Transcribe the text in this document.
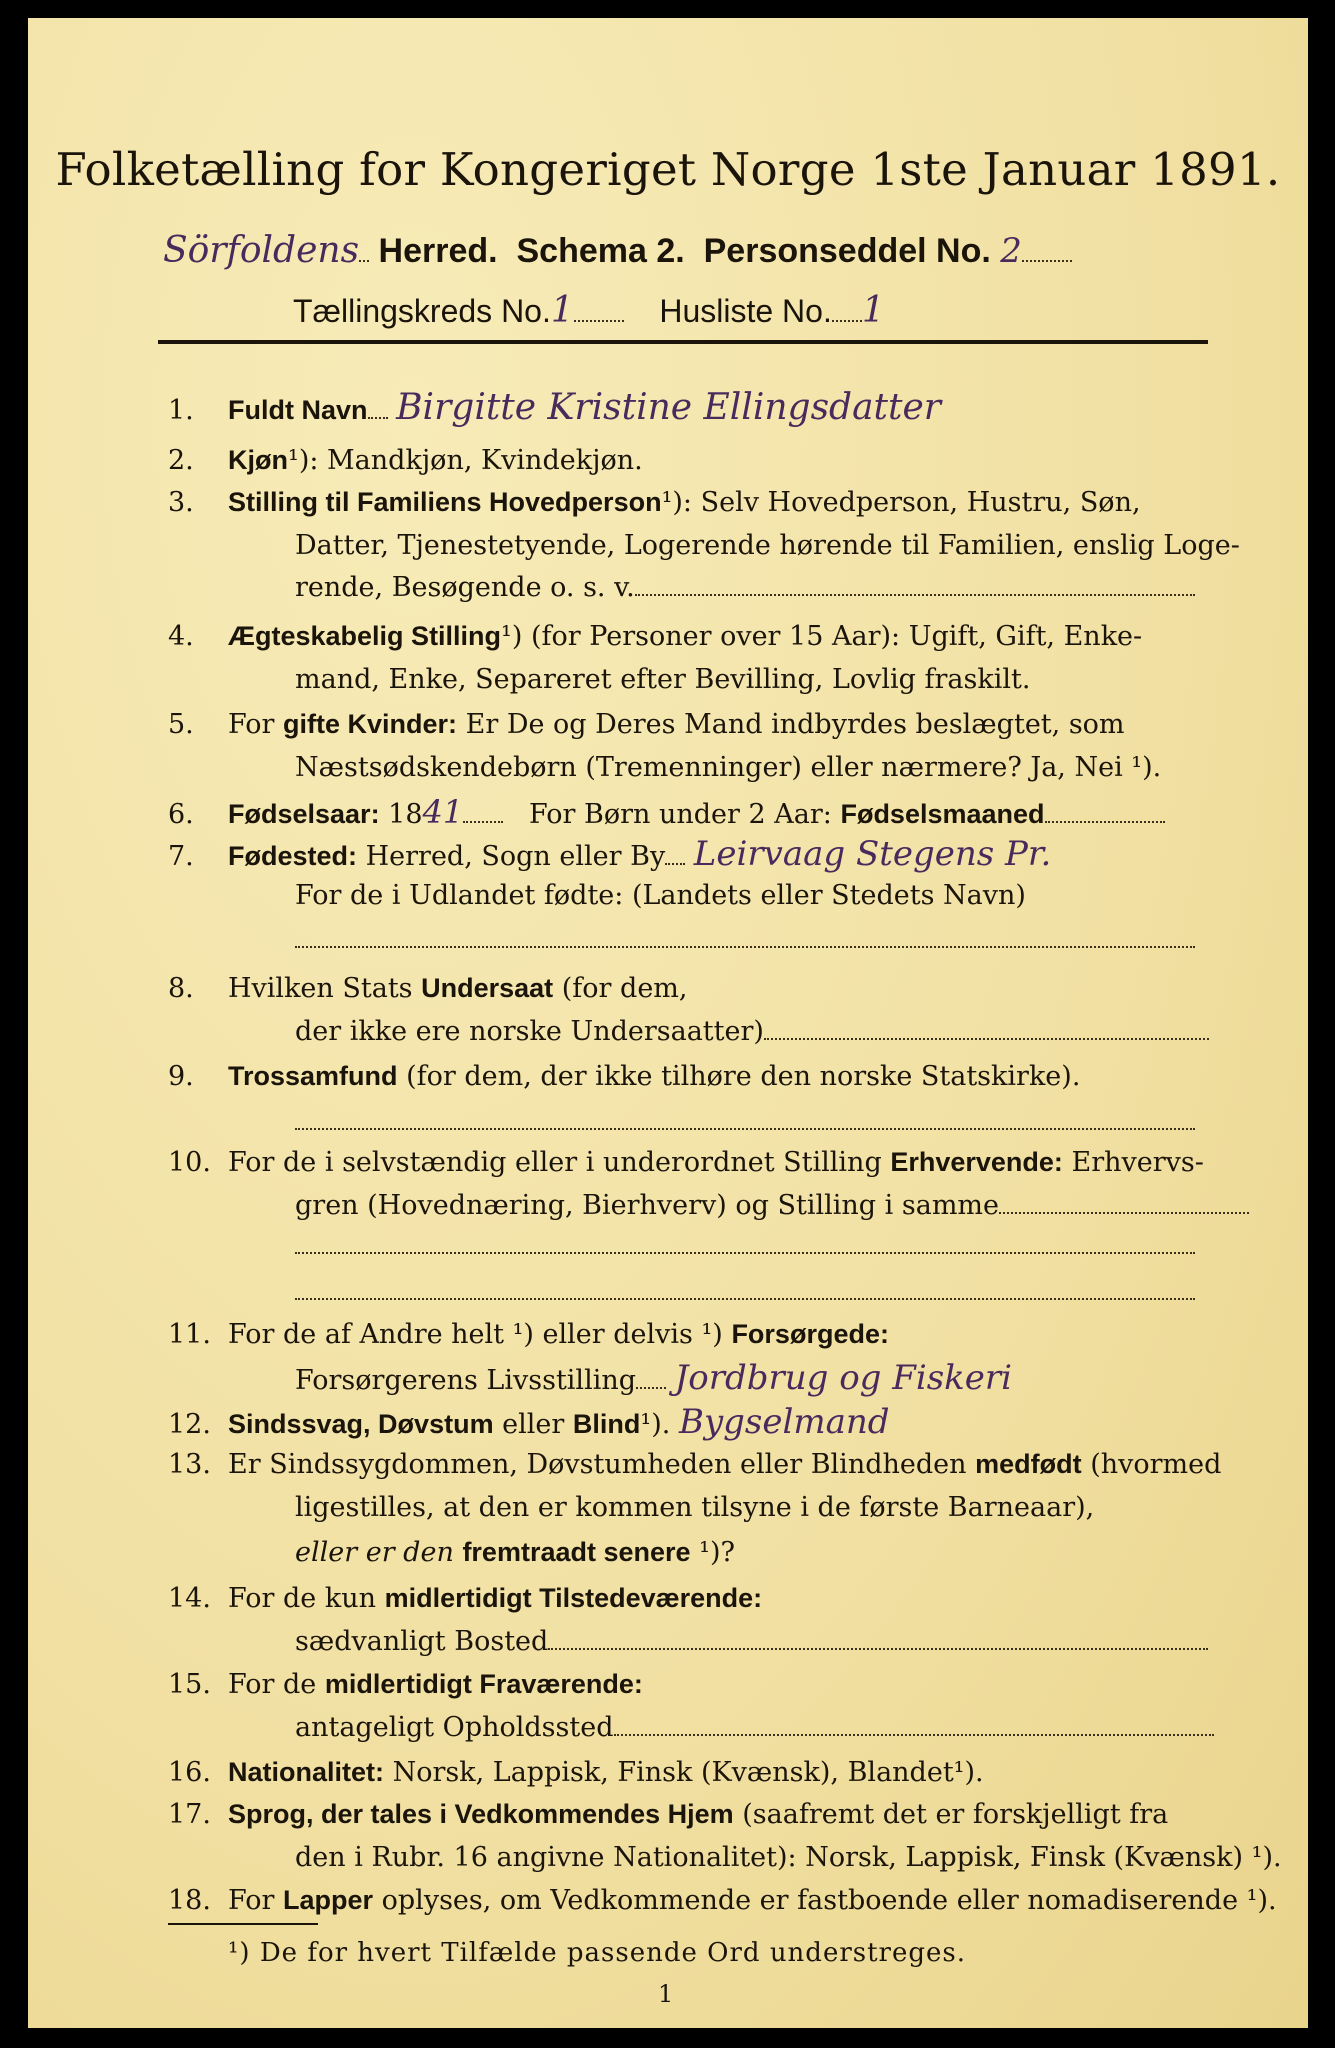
Folketælling for Kongeriget Norge 1ste Januar 1891.
Sörfoldens Herred. Schema 2. Personseddel No. 2
Tællingskreds No.1	Husliste No. 1
1. Fuldt Navn Birgitte Kristine Ellingsdatter
2. Kjøn¹): Mandkjøn, Kvindekjøn.
3. Stilling til Familiens Hovedperson¹): Selv Hovedperson, Hustru, Søn,
Datter, Tjenestetyende, Logerende hørende til Familien, enslig Loge-
rende, Besøgende o. s. v.
4. Ægteskabelig Stilling¹) (for Personer over 15 Aar): Ugift, Gift, Enke-
mand, Enke, Separeret efter Bevilling, Lovlig fraskilt.
5. For gifte Kvinder: Er De og Deres Mand indbyrdes beslægtet, som
Næstsødskendebørn (Tremenninger) eller nærmere? Ja, Nei ¹).
6. Fødselsaar: 1841 For Børn under 2 Aar: Fødselsmaaned
7. Fødested: Herred, Sogn eller By Leirvaag Stegens Pr.
For de i Udlandet fødte: (Landets eller Stedets Navn)
8. Hvilken Stats Undersaat (for dem,
der ikke ere norske Undersaatter)
9. Trossamfund (for dem, der ikke tilhøre den norske Statskirke).
10. For de i selvstændig eller i underordnet Stilling Erhvervende: Erhvervs-
gren (Hovednæring, Bierhverv) og Stilling i samme
11. For de af Andre helt ¹) eller delvis ¹) Forsørgede:
Forsørgerens Livsstilling Jordbrug og Fiskeri
12. Sindssvag, Døvstum eller Blind¹). Bygselmand
13. Er Sindssygdommen, Døvstumheden eller Blindheden medfødt (hvormed
ligestilles, at den er kommen tilsyne i de første Barneaar),
eller er den fremtraadt senere ¹)?
14. For de kun midlertidigt Tilstedeværende:
sædvanligt Bosted
15. For de midlertidigt Fraværende:
antageligt Opholdssted
16. Nationalitet: Norsk, Lappisk, Finsk (Kvænsk), Blandet¹).
17. Sprog, der tales i Vedkommendes Hjem (saafremt det er forskjelligt fra
den i Rubr. 16 angivne Nationalitet): Norsk, Lappisk, Finsk (Kvænsk) ¹).
18. For Lapper oplyses, om Vedkommende er fastboende eller nomadiserende ¹).
¹) De for hvert Tilfælde passende Ord understreges.
1
